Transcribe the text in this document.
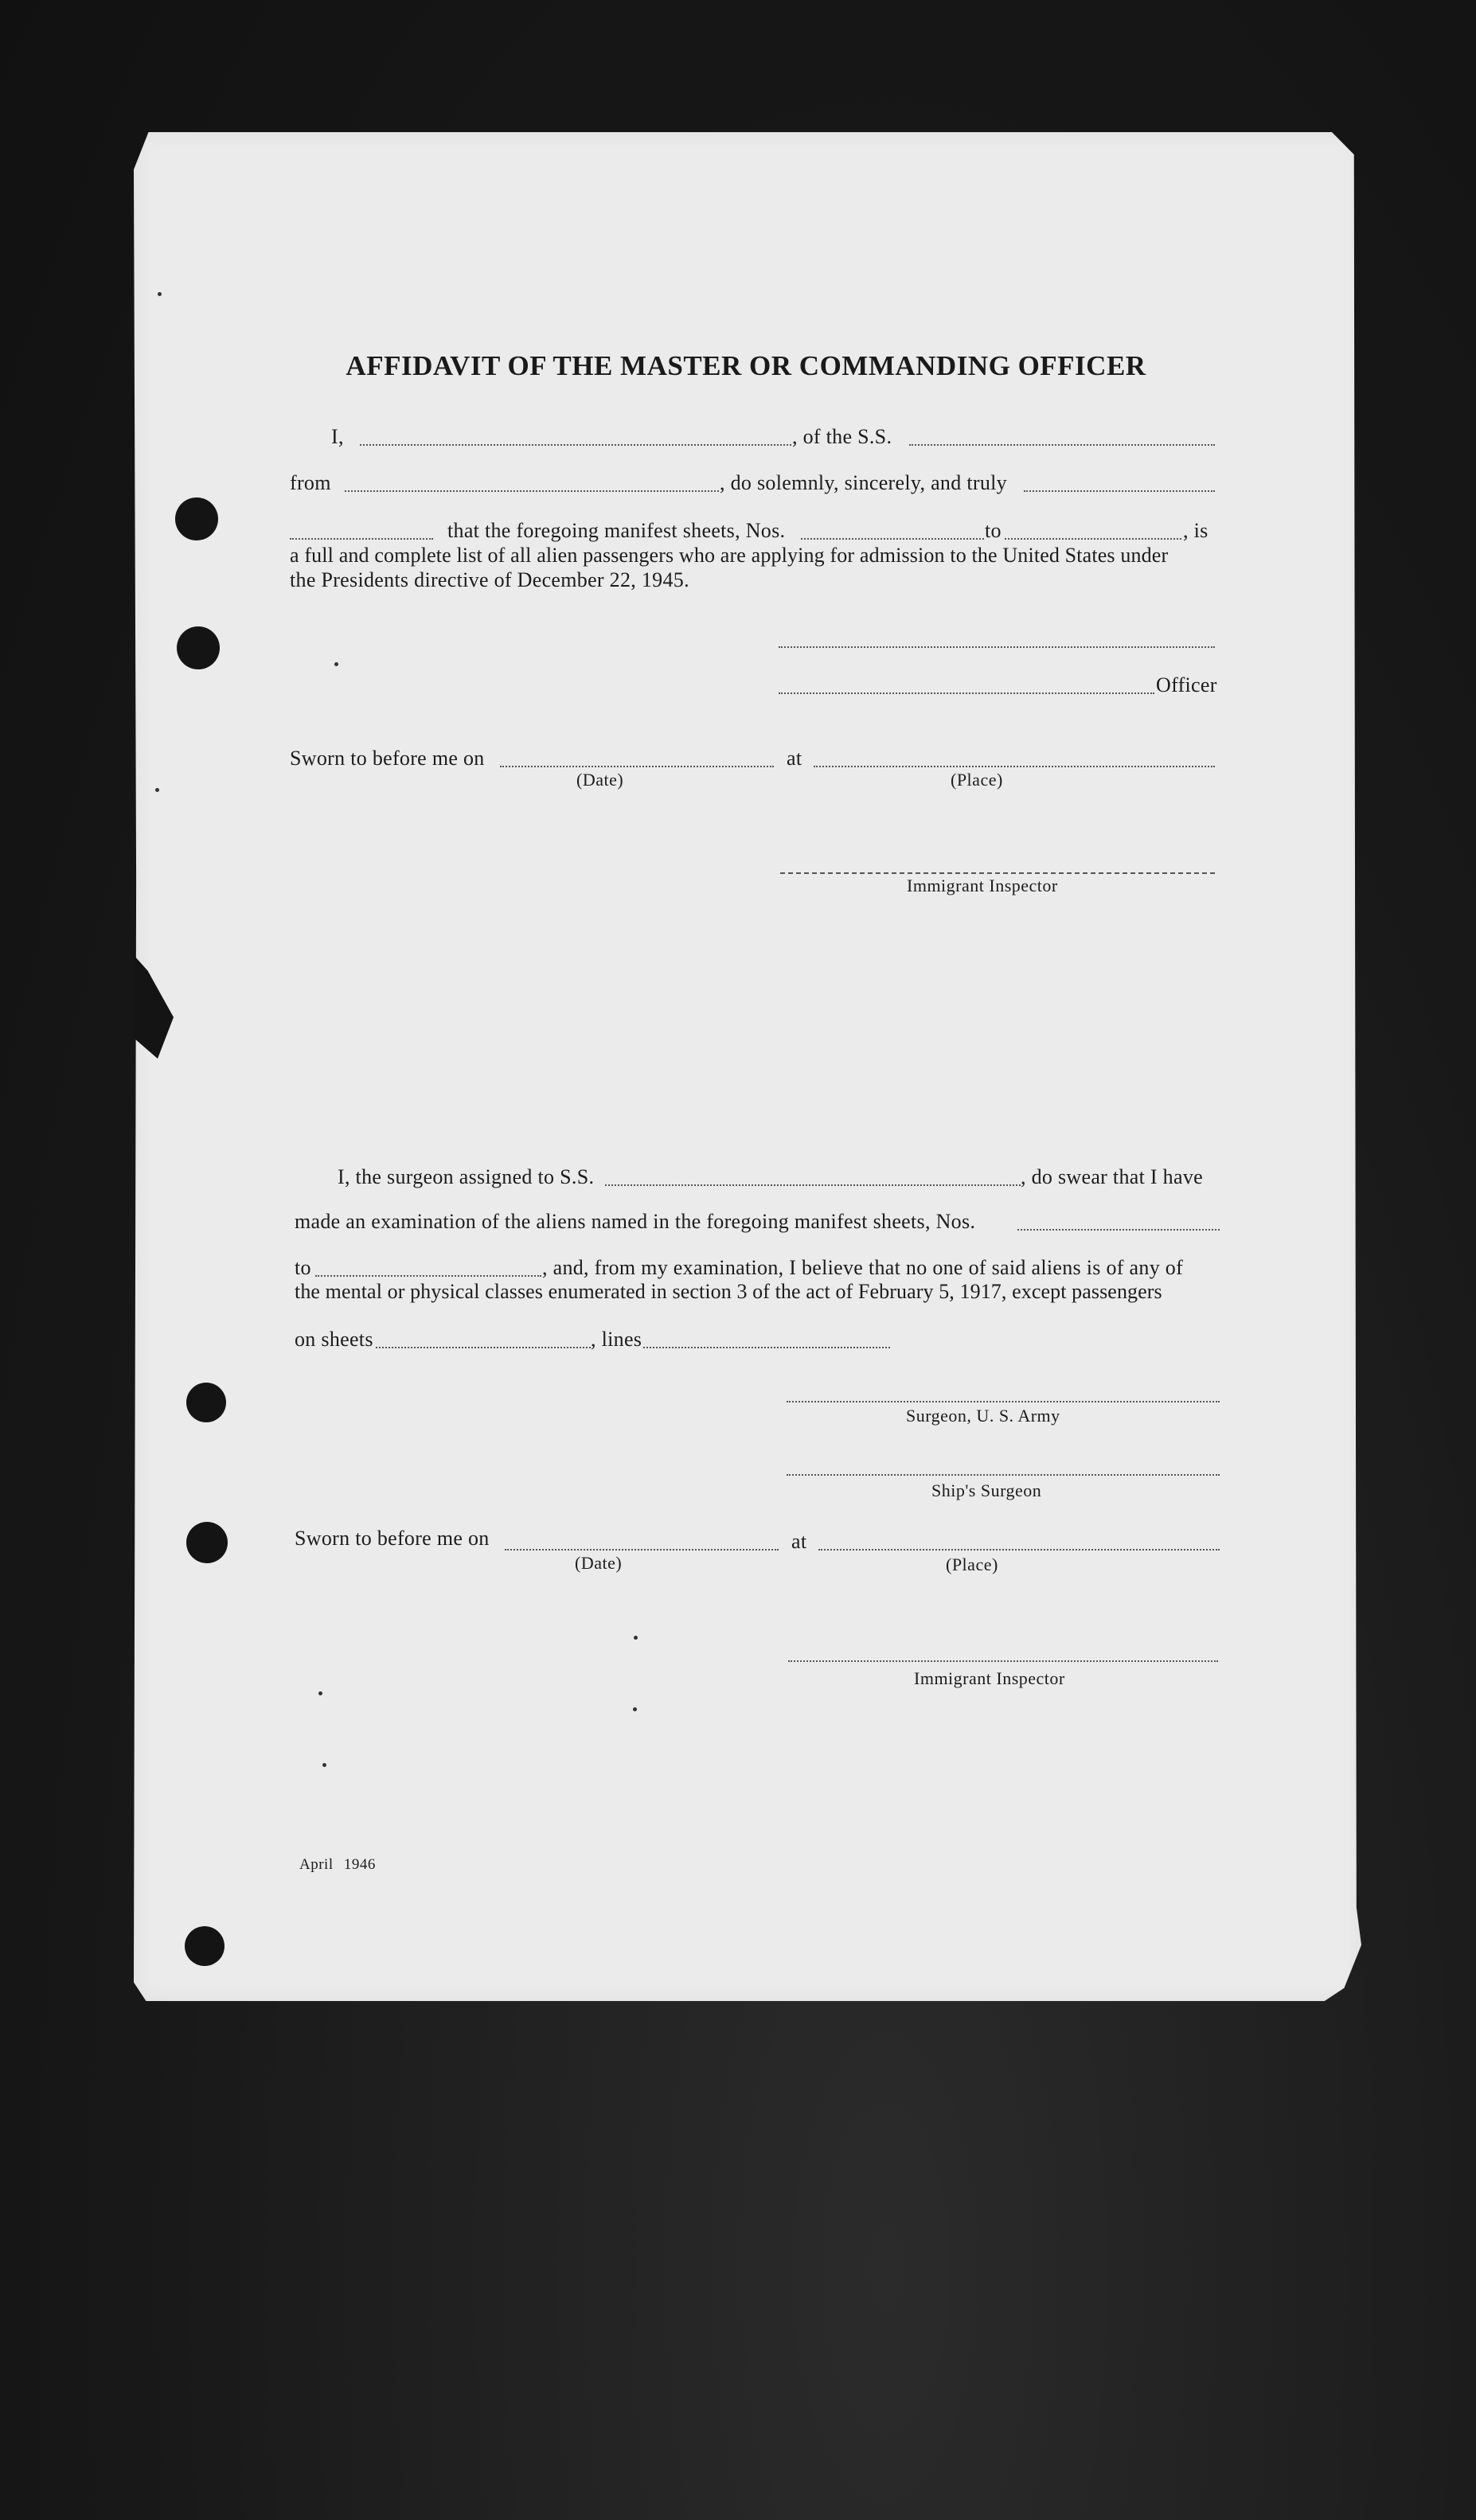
AFFIDAVIT OF THE MASTER OR COMMANDING OFFICER
I,	, of the S.S.
from	, do solemnly, sincerely, and truly
that the foregoing manifest sheets, Nos.	to	, is
a full and complete list of all alien passengers who are applying for admission to the United States under
the Presidents directive of December 22, 1945.
Officer
Sworn to before me on	at
(Date)	(Place)
Immigrant Inspector
I, the surgeon assigned to S.S.	, do swear that I have
made an examination of the aliens named in the foregoing manifest sheets, Nos.
to	, and, from my examination, I believe that no one of said aliens is of any of
the mental or physical classes enumerated in section 3 of the act of February 5, 1917, except passengers
on sheets	, lines
Surgeon, U. S. Army
Ship's Surgeon
Sworn to before me on	at
(Date)	(Place)
Immigrant Inspector
April 1946
